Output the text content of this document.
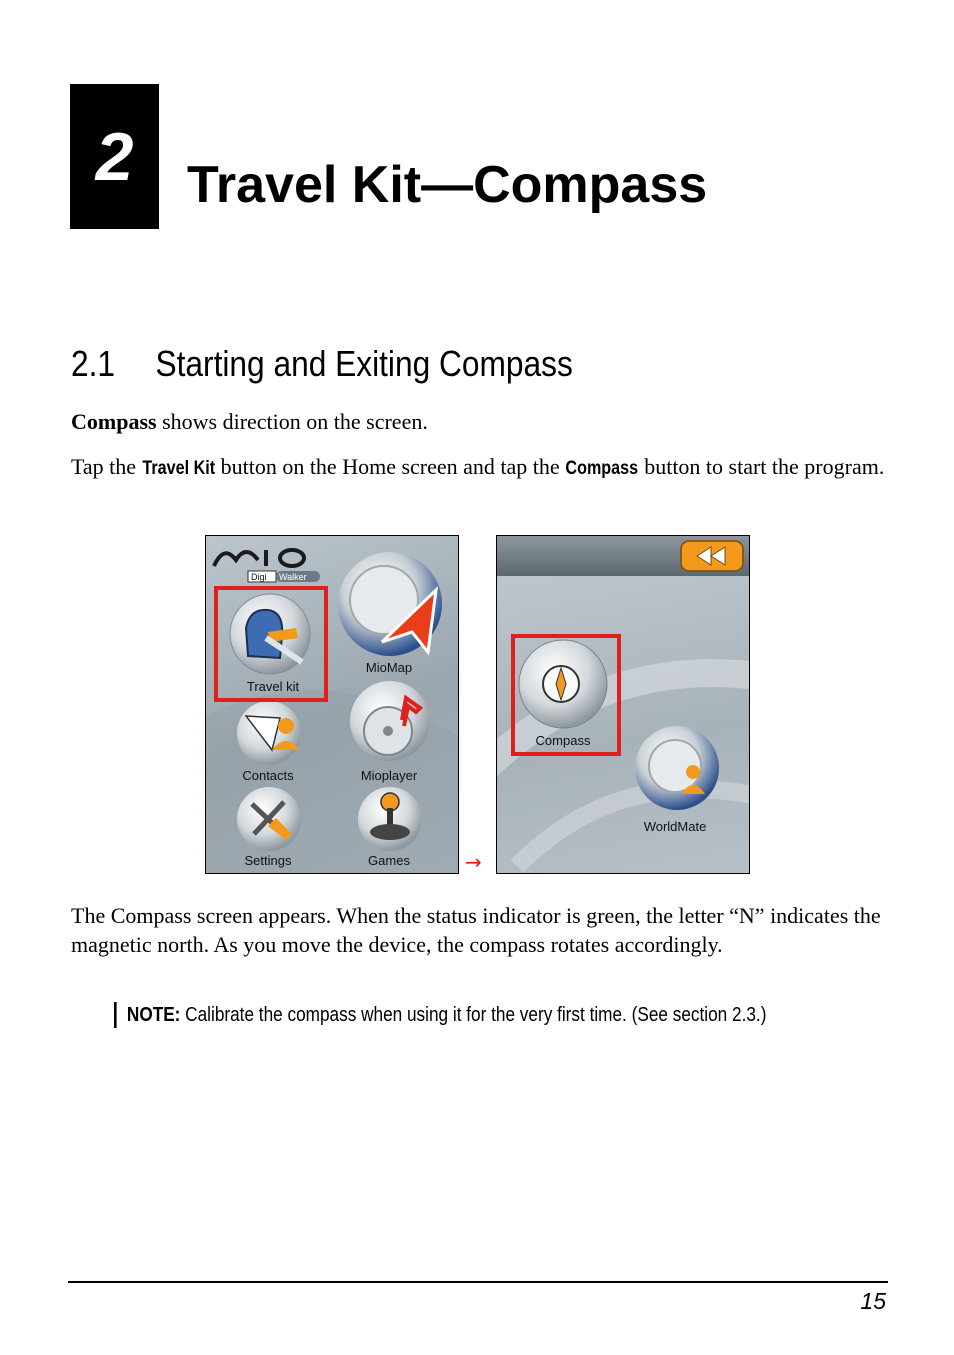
2 Travel Kit—Compass
2.1 Starting and Exiting Compass

Compass shows direction on the screen.

Tap the Travel Kit button on the Home screen and tap the Compass button to start the program.

Digi Walker
Travel kit
MioMap
Contacts	Mioplayer
Settings	Games	→
Compass
WorldMate

The Compass screen appears. When the status indicator is green, the letter “N” indicates the magnetic north. As you move the device, the compass rotates accordingly.

NOTE: Calibrate the compass when using it for the very first time. (See section 2.3.)

15
